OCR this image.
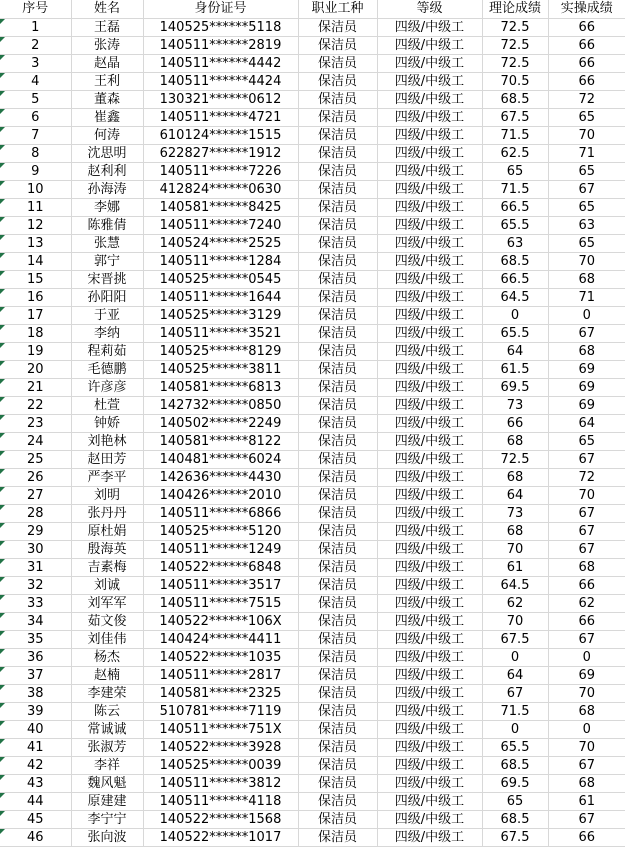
序号	姓名	身份证号	职业工种	等级	理论成绩	实操成绩

1	王磊	140525******5118	保洁员	四级/中级工	72.5	66

2	张涛	140511******2819	保洁员	四级/中级工	72.5	66

3	赵晶	140511******4442	保洁员	四级/中级工	72.5	66

4	王利	140511******4424	保洁员	四级/中级工	70.5	66

5	董森	130321******0612	保洁员	四级/中级工	68.5	72

6	崔鑫	140511******4721	保洁员	四级/中级工	67.5	65

7	何涛	610124******1515	保洁员	四级/中级工	71.5	70

8	沈思明	622827******1912	保洁员	四级/中级工	62.5	71

9	赵利利	140511******7226	保洁员	四级/中级工	65	65

10	孙海涛	412824******0630	保洁员	四级/中级工	71.5	67

11	李娜	140581******8425	保洁员	四级/中级工	66.5	65

12	陈雅倩	140511******7240	保洁员	四级/中级工	65.5	63

13	张慧	140524******2525	保洁员	四级/中级工	63	65

14	郭宁	140511******1284	保洁员	四级/中级工	68.5	70

15	宋晋挑	140525******0545	保洁员	四级/中级工	66.5	68

16	孙阳阳	140511******1644	保洁员	四级/中级工	64.5	71

17	于亚	140525******3129	保洁员	四级/中级工	0	0

18	李纳	140511******3521	保洁员	四级/中级工	65.5	67

19	程莉茹	140525******8129	保洁员	四级/中级工	64	68

20	毛德鹏	140525******3811	保洁员	四级/中级工	61.5	69

21	许彦彦	140581******6813	保洁员	四级/中级工	69.5	69

22	杜萱	142732******0850	保洁员	四级/中级工	73	69

23	钟娇	140502******2249	保洁员	四级/中级工	66	64

24	刘艳林	140581******8122	保洁员	四级/中级工	68	65

25	赵田芳	140481******6024	保洁员	四级/中级工	72.5	67

26	严李平	142636******4430	保洁员	四级/中级工	68	72

27	刘明	140426******2010	保洁员	四级/中级工	64	70

28	张丹丹	140511******6866	保洁员	四级/中级工	73	67

29	原杜娟	140525******5120	保洁员	四级/中级工	68	67

30	殷海英	140511******1249	保洁员	四级/中级工	70	67

31	吉素梅	140522******6848	保洁员	四级/中级工	61	68

32	刘诚	140511******3517	保洁员	四级/中级工	64.5	66

33	刘军军	140511******7515	保洁员	四级/中级工	62	62

34	茹文俊	140522******106X	保洁员	四级/中级工	70	66

35	刘佳伟	140424******4411	保洁员	四级/中级工	67.5	67

36	杨杰	140522******1035	保洁员	四级/中级工	0	0

37	赵楠	140511******2817	保洁员	四级/中级工	64	69

38	李建荣	140581******2325	保洁员	四级/中级工	67	70

39	陈云	510781******7119	保洁员	四级/中级工	71.5	68

40	常诚诚	140511******751X	保洁员	四级/中级工	0	0

41	张淑芳	140522******3928	保洁员	四级/中级工	65.5	70

42	李祥	140525******0039	保洁员	四级/中级工	68.5	67

43	魏风魁	140511******3812	保洁员	四级/中级工	69.5	68

44	原建建	140511******4118	保洁员	四级/中级工	65	61

45	李宁宁	140522******1568	保洁员	四级/中级工	68.5	67

46	张向波	140522******1017	保洁员	四级/中级工	67.5	66
